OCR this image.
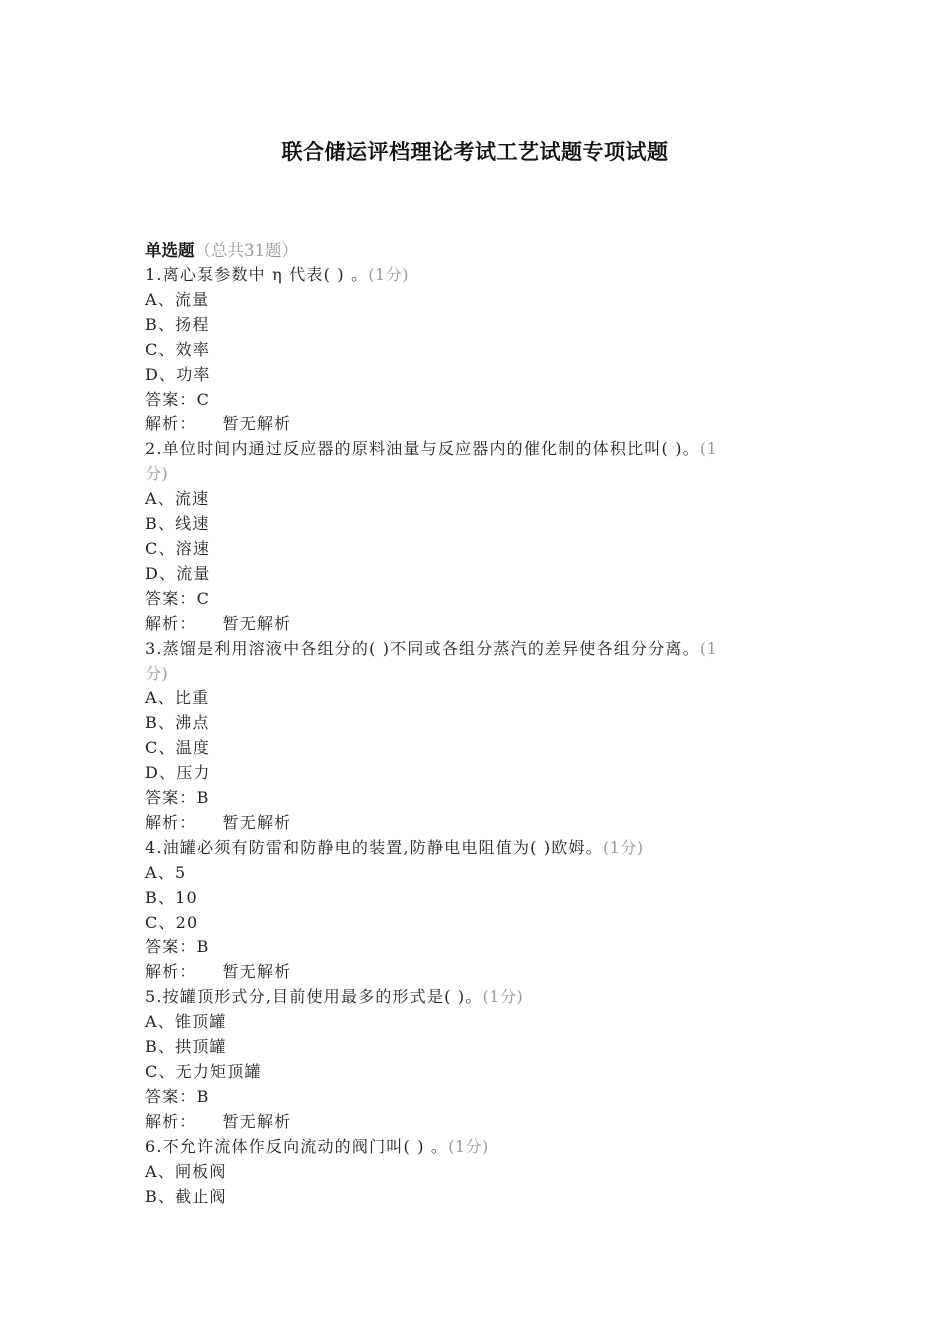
联合储运评档理论考试工艺试题专项试题
单选题（总共31题）
1.离心泵参数中 η 代表( ) 。(1分)
A、流量
B、扬程
C、效率
D、功率
答案：C
解析： 暂无解析
2.单位时间内通过反应器的原料油量与反应器内的催化制的体积比叫( )。(1
分)
A、流速
B、线速
C、溶速
D、流量
答案：C
解析： 暂无解析
3.蒸馏是利用溶液中各组分的( )不同或各组分蒸汽的差异使各组分分离。(1
分)
A、比重
B、沸点
C、温度
D、压力
答案：B
解析： 暂无解析
4.油罐必须有防雷和防静电的装置,防静电电阻值为( )欧姆。(1分)
A、5
B、10
C、20
答案：B
解析： 暂无解析
5.按罐顶形式分,目前使用最多的形式是( )。(1分)
A、锥顶罐
B、拱顶罐
C、无力矩顶罐
答案：B
解析： 暂无解析
6.不允许流体作反向流动的阀门叫( ) 。(1分)
A、闸板阀
B、截止阀
